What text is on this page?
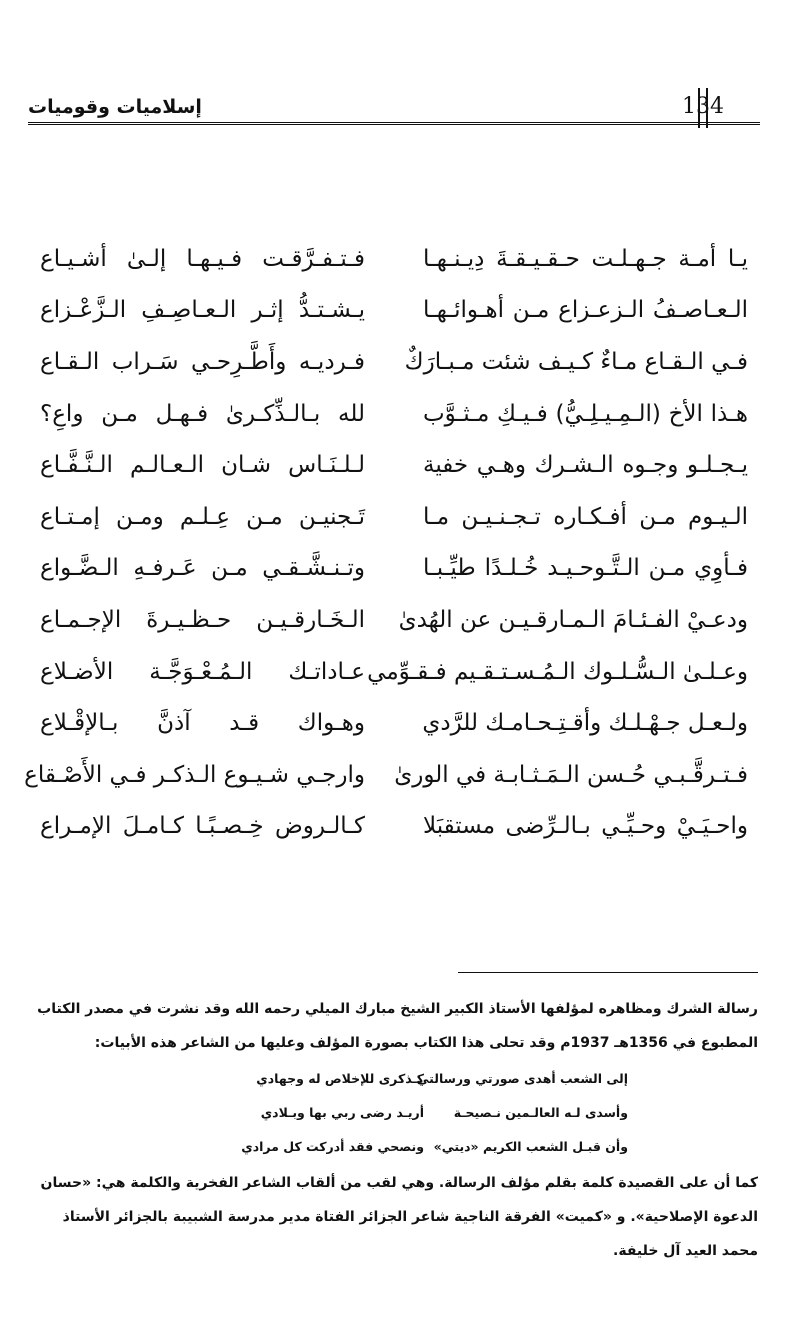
134
إسلاميات وقوميات
يـا أمـة جـهـلـت حـقـيـقـةَ دِيـنـهـا
فـتـفـرَّقـت فـيـهـا إلـىٰ أشـيـاع
الـعـاصـفُ الـزعـزاع مـن أهـوائـهـا
يـشـتـدُّ إثـر الـعـاصِـفِ الـزَّعْـزاع
فـي الـقـاع مـاءٌ كـيـف شئت مـبـارَكٌ
فـرديـه وأَطَّـرِحـي سَـراب الـقـاع
هـذا الأخ (الـمِـيـلِـيُّ) فـيـكِ مـثـوَّب
لله بـالـذِّكـرىٰ فـهـل مـن واعِ؟
يـجـلـو وجـوه الـشـرك وهـي خفية
لـلـنَـاس شـان الـعـالـم الـنَّـفَّـاع
الـيـوم مـن أفـكـاره تـجـنـيـن مـا
تَـجنيـن مـن عِـلـم ومـن إمـتـاع
فـأوِي مـن الـتَّـوحـيـد خُـلـدًا طيِّـبـا
وتـنـشَّـقـي مـن عَـرفـهِ الـضَّـواع
ودعـيْ الفـئـامَ الـمـارقـيـن عن الهُدىٰ
الـخَـارقـيـن حـظـيـرةَ الإجـمـاع
وعـلـىٰ الـسُّـلـوك الـمُـسـتـقـيم فـقـوِّمي
عـاداتـك الـمُـعْـوَجَّـة الأضـلاع
ولـعـل جـهْـلـك وأقـتِـحـامـك للرَّدي
وهـواك قـد آذنَّ بـالإقْـلاع
فـتـرقَّـبـي حُـسن الـمَـثـابـة في الورىٰ
وارجـي شـيـوع الـذكـر فـي الأَصْـقاع
واحـيَـيْ وحـيِّـي بـالـرِّضى مستقبَلا
كـالـروض خِـصـبًـا كـامـلَ الإمـراع
رسالة الشرك ومظاهره لمؤلفها الأستاذ الكبير الشيخ مبارك الميلي رحمه الله وقد نشرت في مصدر الكتاب المطبوع في 1356هـ 1937م وقد تحلى هذا الكتاب بصورة المؤلف وعليها من الشاعر هذه الأبيات:
إلى الشعب أهدى صورتي ورسالتي
كـذكرى للإخلاص له وجهادي
وأسدى لـه العالـمين نـصيحـة
أريـد رضى ربي بها وبـلادي
وأن قبـل الشعب الكريم «ديتي»
ونصحي فقد أدركت كل مرادي
كما أن على القصيدة كلمة بقلم مؤلف الرسالة. وهي لقب من ألقاب الشاعر الفخرية والكلمة هي: «حسان الدعوة الإصلاحية». و «كميت» الفرقة الناجية شاعر الجزائر الفتاة مدير مدرسة الشبيبة بالجزائر الأستاذ محمد العيد آل خليفة.
